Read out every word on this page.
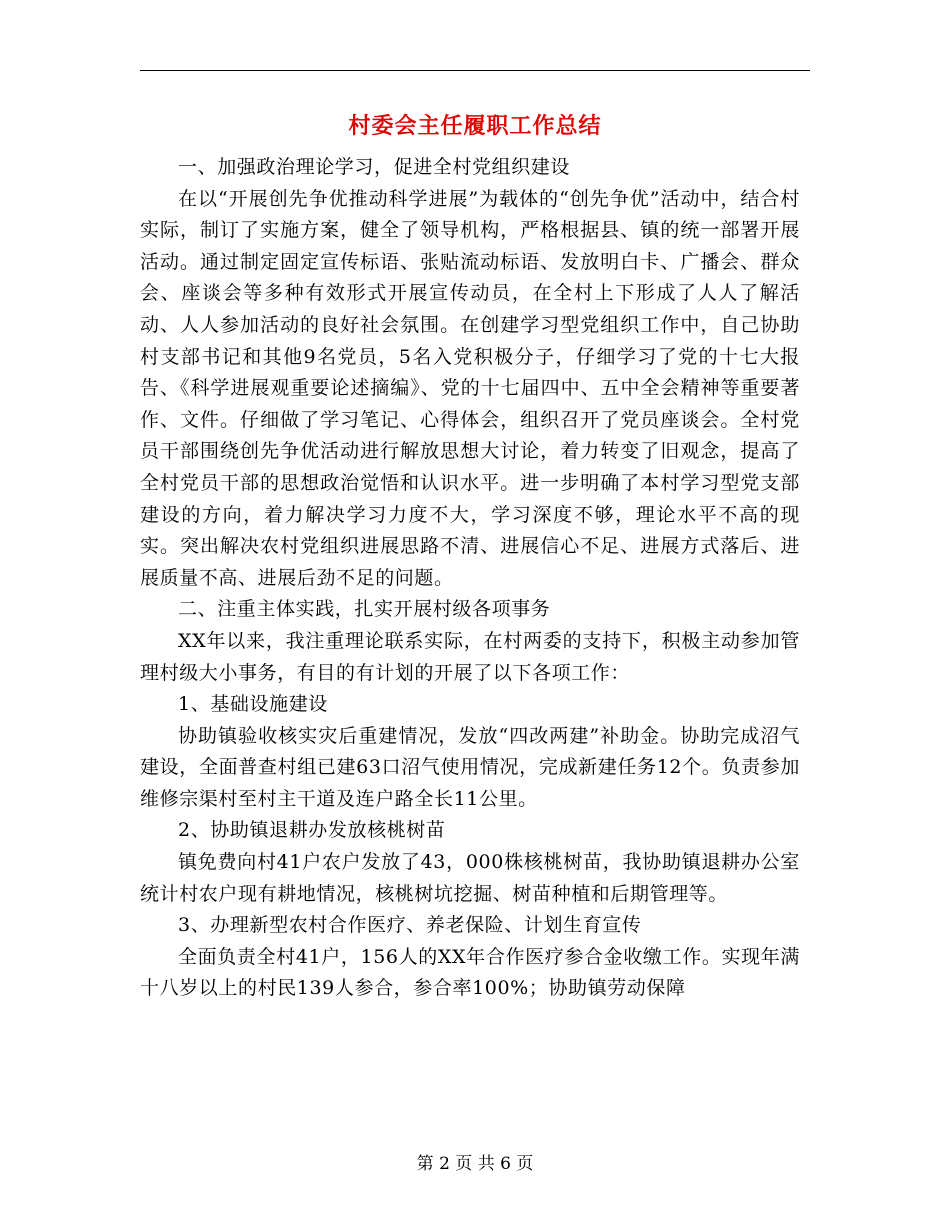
村委会主任履职工作总结

一、加强政治理论学习，促进全村党组织建设

在以“开展创先争优推动科学进展”为载体的“创先争优”活动中，结合村实际，制订了实施方案，健全了领导机构，严格根据县、镇的统一部署开展活动。通过制定固定宣传标语、张贴流动标语、发放明白卡、广播会、群众会、座谈会等多种有效形式开展宣传动员，在全村上下形成了人人了解活动、人人参加活动的良好社会氛围。在创建学习型党组织工作中，自己协助村支部书记和其他9名党员，5名入党积极分子，仔细学习了党的十七大报告、《科学进展观重要论述摘编》、党的十七届四中、五中全会精神等重要著作、文件。仔细做了学习笔记、心得体会，组织召开了党员座谈会。全村党员干部围绕创先争优活动进行解放思想大讨论，着力转变了旧观念，提高了全村党员干部的思想政治觉悟和认识水平。进一步明确了本村学习型党支部建设的方向，着力解决学习力度不大，学习深度不够，理论水平不高的现实。突出解决农村党组织进展思路不清、进展信心不足、进展方式落后、进展质量不高、进展后劲不足的问题。

二、注重主体实践，扎实开展村级各项事务

XX年以来，我注重理论联系实际，在村两委的支持下，积极主动参加管理村级大小事务，有目的有计划的开展了以下各项工作：

1、基础设施建设

协助镇验收核实灾后重建情况，发放“四改两建”补助金。协助完成沼气建设，全面普查村组已建63口沼气使用情况，完成新建任务12个。负责参加维修宗渠村至村主干道及连户路全长11公里。

2、协助镇退耕办发放核桃树苗

镇免费向村41户农户发放了43，000株核桃树苗，我协助镇退耕办公室统计村农户现有耕地情况，核桃树坑挖掘、树苗种植和后期管理等。

3、办理新型农村合作医疗、养老保险、计划生育宣传

全面负责全村41户，156人的XX年合作医疗参合金收缴工作。实现年满十八岁以上的村民139人参合，参合率100%；协助镇劳动保障

第 2 页 共 6 页
